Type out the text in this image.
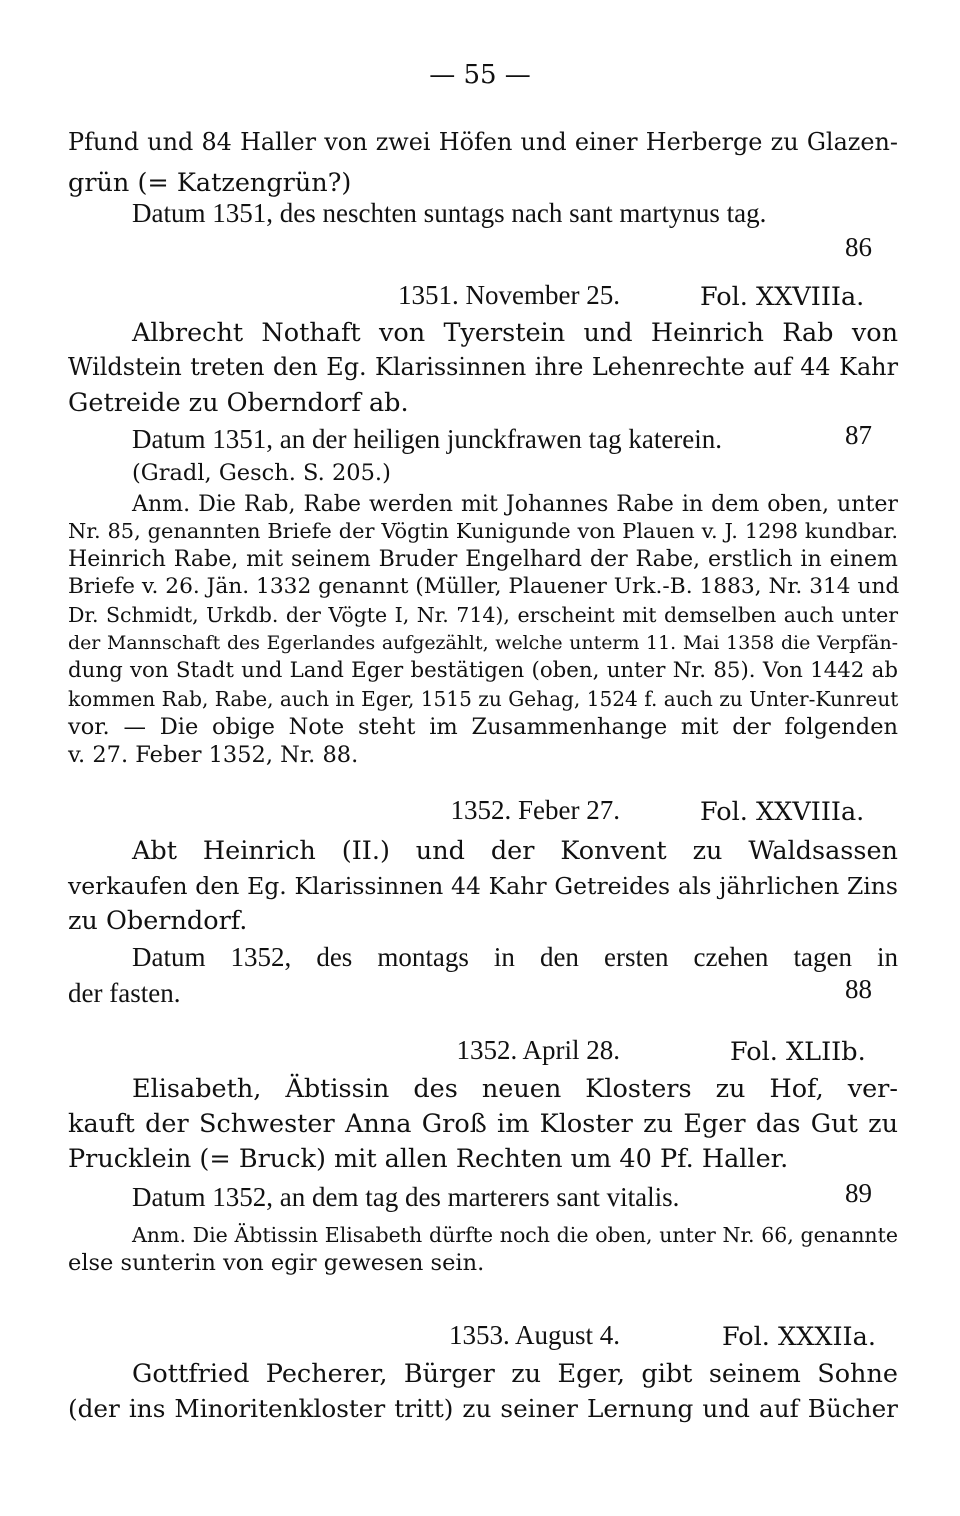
— 55 —
Pfund und 84 Haller von zwei Höfen und einer Herberge zu Glazen-
grün (= Katzengrün?)
Datum 1351, des neschten suntags nach sant martynus tag.
86
1351. November 25.	Fol. XXVIIIa.
Albrecht Nothaft von Tyerstein und Heinrich Rab von
Wildstein treten den Eg. Klarissinnen ihre Lehenrechte auf 44 Kahr
Getreide zu Oberndorf ab.
Datum 1351, an der heiligen junckfrawen tag katerein.	87
(Gradl, Gesch. S. 205.)
Anm. Die Rab, Rabe werden mit Johannes Rabe in dem oben, unter
Nr. 85, genannten Briefe der Vögtin Kunigunde von Plauen v. J. 1298 kundbar.
Heinrich Rabe, mit seinem Bruder Engelhard der Rabe, erstlich in einem
Briefe v. 26. Jän. 1332 genannt (Müller, Plauener Urk.-B. 1883, Nr. 314 und
Dr. Schmidt, Urkdb. der Vögte I, Nr. 714), erscheint mit demselben auch unter
der Mannschaft des Egerlandes aufgezählt, welche unterm 11. Mai 1358 die Verpfän-
dung von Stadt und Land Eger bestätigen (oben, unter Nr. 85). Von 1442 ab
kommen Rab, Rabe, auch in Eger, 1515 zu Gehag, 1524 f. auch zu Unter-Kunreut
vor. — Die obige Note steht im Zusammenhange mit der folgenden
v. 27. Feber 1352, Nr. 88.
1352. Feber 27.	Fol. XXVIIIa.
Abt Heinrich (II.) und der Konvent zu Waldsassen
verkaufen den Eg. Klarissinnen 44 Kahr Getreides als jährlichen Zins
zu Oberndorf.
Datum 1352, des montags in den ersten czehen tagen in
der fasten.	88
1352. April 28.	Fol. XLIIb.
Elisabeth, Äbtissin des neuen Klosters zu Hof, ver-
kauft der Schwester Anna Groß im Kloster zu Eger das Gut zu
Prucklein (= Bruck) mit allen Rechten um 40 Pf. Haller.
Datum 1352, an dem tag des marterers sant vitalis.	89
Anm. Die Äbtissin Elisabeth dürfte noch die oben, unter Nr. 66, genannte
else sunterin von egir gewesen sein.
1353. August 4.	Fol. XXXIIa.
Gottfried Pecherer, Bürger zu Eger, gibt seinem Sohne
(der ins Minoritenkloster tritt) zu seiner Lernung und auf Bücher
